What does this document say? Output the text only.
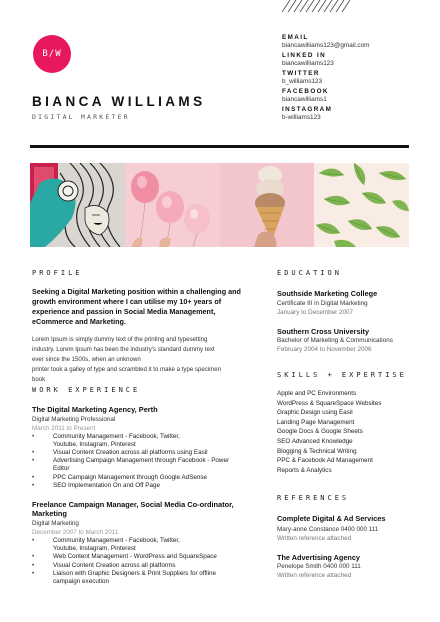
B/W
BIANCA WILLIAMS
DIGITAL MARKETER
EMAIL
biancawilliams123@gmail.com
LINKED IN
biancawilliams123
TWITTER
b_williams123
FACEBOOK
biancawilliams1
INSTAGRAM
b-williams123
PROFILE
Seeking a Digital Marketing position within a challenging and growth environment where I can utilise my 10+ years of experience and passion in Social Media Management, eCommerce and Marketing.
Lorem Ipsum is simply dummy text of the printing and typesetting
industry. Lorem Ipsum has been the industry's standard dummy text
ever since the 1500s, when an unknown
printer took a galley of type and scrambled it to make a type specimen
book
WORK EXPERIENCE
The Digital Marketing Agency, Perth
Digital Marketing Professional
March 2011 to Present
• Community Management - Facebook, Twitter,
Youtube, Instagram, Pinterest
• Visual Content Creation across all platforms using Easil
• Advertising Campaign Management through Facebook - Power
Editor
• PPC Campaign Management through Google AdSense
• SEO Implementation On and Off Page
Freelance Campaign Manager, Social Media Co-ordinator, Marketing
Digital Marketing
December 2007 to March 2011
• Community Management - Facebook, Twitter,
Youtube, Instagram, Pinterest
• Web Content Management - WordPress and SquareSpace
• Visual Content Creation across all platforms
• Liaison with Graphic Designers & Print Suppliers for offline
campaign execution
EDUCATION
Southside Marketing College
Certificate III in Digital Marketing
January to December 2007
Southern Cross University
Bachelor of Marketing & Communications
February 2004 to November 2006
SKILLS + EXPERTISE
Apple and PC Environments
WordPress & SquareSpace Websites
Graphic Design using Easil
Landing Page Management
Google Docs & Google Sheets
SEO Advanced Knowledge
Blogging & Technical Writing
PPC & Facebook Ad Management
Reports & Analytics
REFERENCES
Complete Digital & Ad Services
Mary-anne Constance 0400 000 111
Written reference attached
The Advertising Agency
Penelope Smith 0400 000 111
Written reference attached
